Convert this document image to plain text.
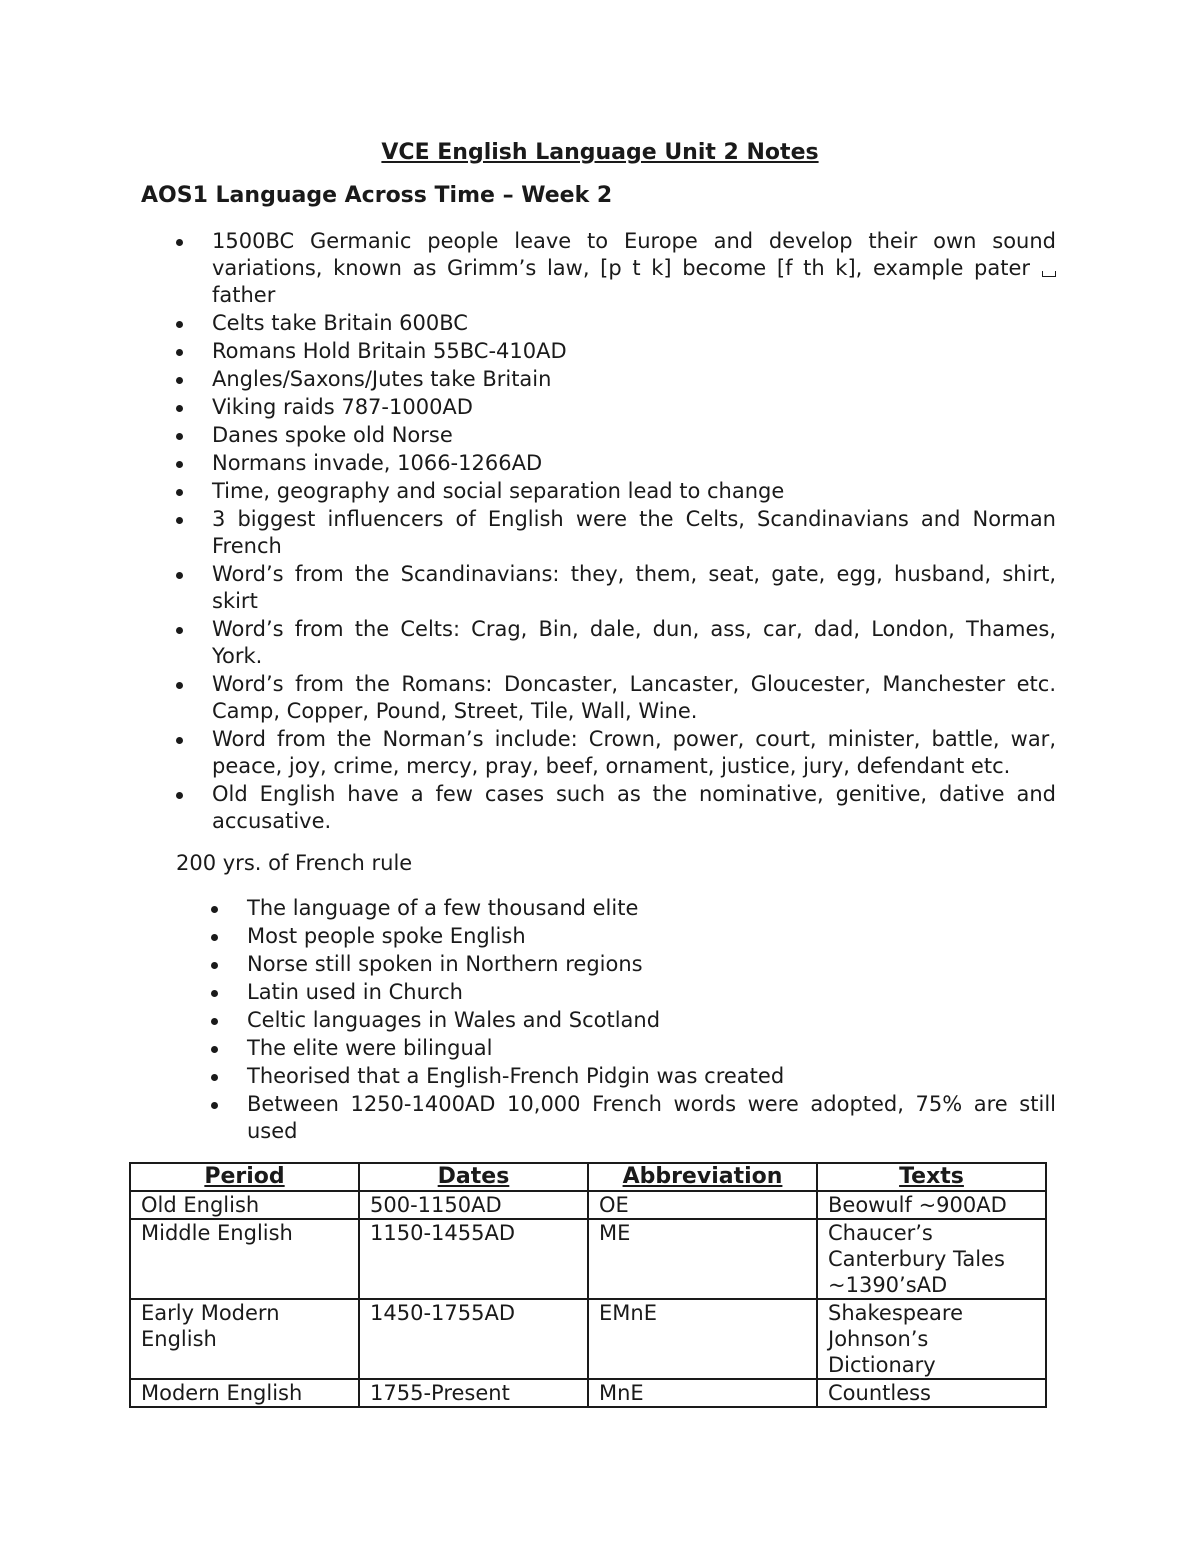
VCE English Language Unit 2 Notes
AOS1 Language Across Time – Week 2
1500BC Germanic people leave to Europe and develop their own sound variations, known as Grimm’s law, [p t k] become [f th k], example pater father
Celts take Britain 600BC
Romans Hold Britain 55BC-410AD
Angles/Saxons/Jutes take Britain
Viking raids 787-1000AD
Danes spoke old Norse
Normans invade, 1066-1266AD
Time, geography and social separation lead to change
3 biggest influencers of English were the Celts, Scandinavians and Norman French
Word’s from the Scandinavians: they, them, seat, gate, egg, husband, shirt, skirt
Word’s from the Celts: Crag, Bin, dale, dun, ass, car, dad, London, Thames, York.
Word’s from the Romans: Doncaster, Lancaster, Gloucester, Manchester etc. Camp, Copper, Pound, Street, Tile, Wall, Wine.
Word from the Norman’s include: Crown, power, court, minister, battle, war, peace, joy, crime, mercy, pray, beef, ornament, justice, jury, defendant etc.
Old English have a few cases such as the nominative, genitive, dative and accusative.

200 yrs. of French rule

The language of a few thousand elite
Most people spoke English
Norse still spoken in Northern regions
Latin used in Church
Celtic languages in Wales and Scotland
The elite were bilingual
Theorised that a English-French Pidgin was created
Between 1250-1400AD 10,000 French words were adopted, 75% are still used
Period	Dates	Abbreviation	Texts
Old English	500-1150AD	OE	Beowulf ~900AD
Middle English	1150-1455AD	ME	Chaucer’s Canterbury Tales ~1390’sAD
Early Modern English	1450-1755AD	EMnE	Shakespeare Johnson’s Dictionary
Modern English	1755-Present	MnE	Countless
